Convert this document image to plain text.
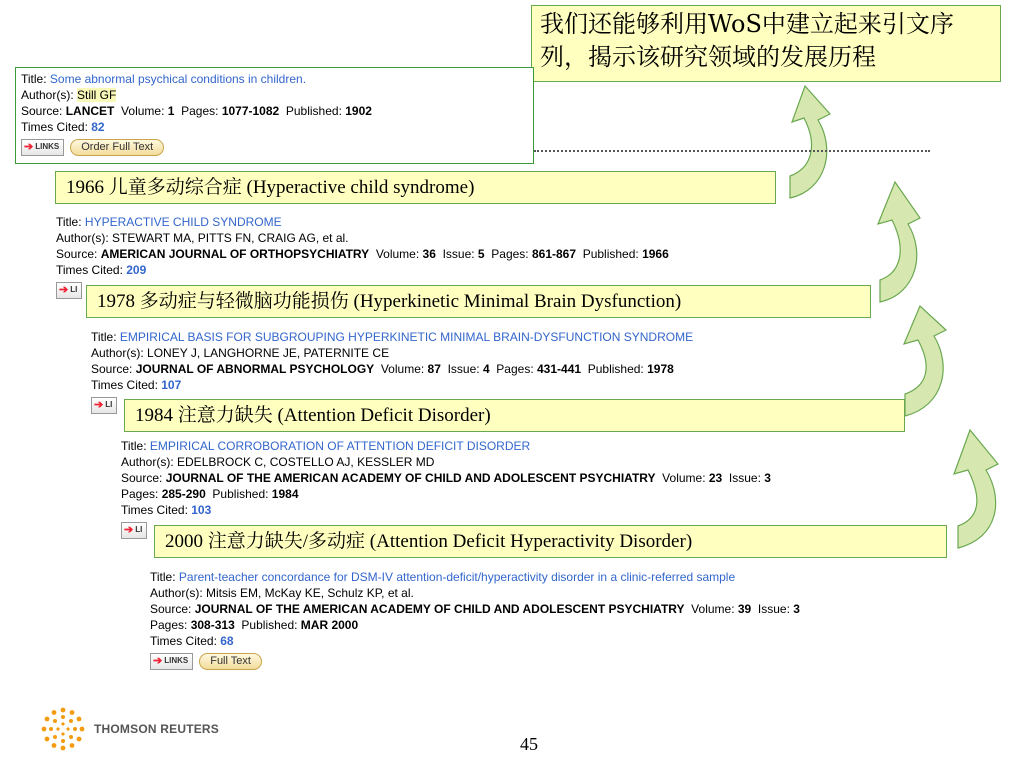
我们还能够利用WoS中建立起来引文序列，揭示该研究领域的发展历程
Title: Some abnormal psychical conditions in children.
Author(s): Still GF
Source: LANCET Volume: 1 Pages: 1077-1082 Published: 1902
Times Cited: 82
➔ LINKS	Order Full Text
1966 儿童多动综合症 (Hyperactive child syndrome)
Title: HYPERACTIVE CHILD SYNDROME
Author(s): STEWART MA, PITTS FN, CRAIG AG, et al.
Source: AMERICAN JOURNAL OF ORTHOPSYCHIATRY Volume: 36 Issue: 5 Pages: 861-867 Published: 1966
Times Cited: 209
➔ LI
1978 多动症与轻微脑功能损伤 (Hyperkinetic Minimal Brain Dysfunction)
Title: EMPIRICAL BASIS FOR SUBGROUPING HYPERKINETIC MINIMAL BRAIN-DYSFUNCTION SYNDROME
Author(s): LONEY J, LANGHORNE JE, PATERNITE CE
Source: JOURNAL OF ABNORMAL PSYCHOLOGY Volume: 87 Issue: 4 Pages: 431-441 Published: 1978
Times Cited: 107
➔ LI
1984 注意力缺失 (Attention Deficit Disorder)
Title: EMPIRICAL CORROBORATION OF ATTENTION DEFICIT DISORDER
Author(s): EDELBROCK C, COSTELLO AJ, KESSLER MD
Source: JOURNAL OF THE AMERICAN ACADEMY OF CHILD AND ADOLESCENT PSYCHIATRY Volume: 23 Issue: 3
Pages: 285-290 Published: 1984
Times Cited: 103
➔ LI
2000 注意力缺失/多动症 (Attention Deficit Hyperactivity Disorder)
Title: Parent-teacher concordance for DSM-IV attention-deficit/hyperactivity disorder in a clinic-referred sample
Author(s): Mitsis EM, McKay KE, Schulz KP, et al.
Source: JOURNAL OF THE AMERICAN ACADEMY OF CHILD AND ADOLESCENT PSYCHIATRY Volume: 39 Issue: 3
Pages: 308-313 Published: MAR 2000
Times Cited: 68
➔ LINKS	Full Text
THOMSON REUTERS
45
